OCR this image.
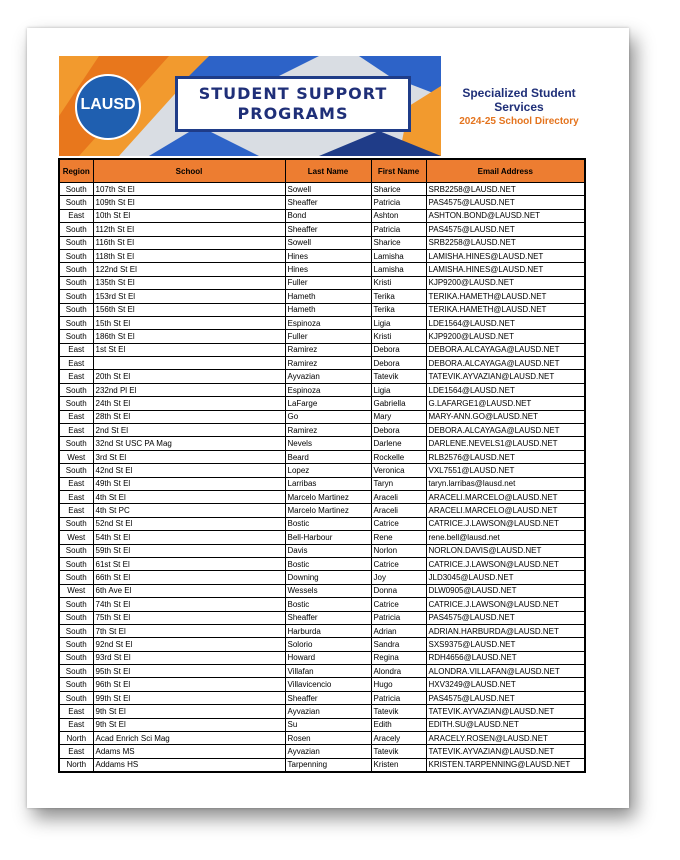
LAUSD
STUDENT SUPPORT
PROGRAMS
Specialized Student Services
2024-25 School Directory
Region	School	Last Name	First Name	Email Address
South	107th St El	Sowell	Sharice	SRB2258@LAUSD.NET
South	109th St El	Sheaffer	Patricia	PAS4575@LAUSD.NET
East	10th St El	Bond	Ashton	ASHTON.BOND@LAUSD.NET
South	112th St El	Sheaffer	Patricia	PAS4575@LAUSD.NET
South	116th St El	Sowell	Sharice	SRB2258@LAUSD.NET
South	118th St El	Hines	Lamisha	LAMISHA.HINES@LAUSD.NET
South	122nd St El	Hines	Lamisha	LAMISHA.HINES@LAUSD.NET
South	135th St El	Fuller	Kristi	KJP9200@LAUSD.NET
South	153rd St El	Hameth	Terika	TERIKA.HAMETH@LAUSD.NET
South	156th St El	Hameth	Terika	TERIKA.HAMETH@LAUSD.NET
South	15th St El	Espinoza	Ligia	LDE1564@LAUSD.NET
South	186th St El	Fuller	Kristi	KJP9200@LAUSD.NET
East	1st St El	Ramirez	Debora	DEBORA.ALCAYAGA@LAUSD.NET
East		Ramirez	Debora	DEBORA.ALCAYAGA@LAUSD.NET
East	20th St El	Ayvazian	Tatevik	TATEVIK.AYVAZIAN@LAUSD.NET
South	232nd Pl El	Espinoza	Ligia	LDE1564@LAUSD.NET
South	24th St El	LaFarge	Gabriella	G.LAFARGE1@LAUSD.NET
East	28th St El	Go	Mary	MARY-ANN.GO@LAUSD.NET
East	2nd St El	Ramirez	Debora	DEBORA.ALCAYAGA@LAUSD.NET
South	32nd St USC PA Mag	Nevels	Darlene	DARLENE.NEVELS1@LAUSD.NET
West	3rd St El	Beard	Rockelle	RLB2576@LAUSD.NET
South	42nd St El	Lopez	Veronica	VXL7551@LAUSD.NET
East	49th St El	Larribas	Taryn	taryn.larribas@lausd.net
East	4th St El	Marcelo Martinez	Araceli	ARACELI.MARCELO@LAUSD.NET
East	4th St PC	Marcelo Martinez	Araceli	ARACELI.MARCELO@LAUSD.NET
South	52nd St El	Bostic	Catrice	CATRICE.J.LAWSON@LAUSD.NET
West	54th St El	Bell-Harbour	Rene	rene.bell@lausd.net
South	59th St El	Davis	Norlon	NORLON.DAVIS@LAUSD.NET
South	61st St El	Bostic	Catrice	CATRICE.J.LAWSON@LAUSD.NET
South	66th St El	Downing	Joy	JLD3045@LAUSD.NET
West	6th Ave El	Wessels	Donna	DLW0905@LAUSD.NET
South	74th St El	Bostic	Catrice	CATRICE.J.LAWSON@LAUSD.NET
South	75th St El	Sheaffer	Patricia	PAS4575@LAUSD.NET
South	7th St El	Harburda	Adrian	ADRIAN.HARBURDA@LAUSD.NET
South	92nd St El	Solorio	Sandra	SXS9375@LAUSD.NET
South	93rd St El	Howard	Regina	RDH4656@LAUSD.NET
South	95th St El	Villafan	Alondra	ALONDRA.VILLAFAN@LAUSD.NET
South	96th St El	Villavicencio	Hugo	HXV3249@LAUSD.NET
South	99th St El	Sheaffer	Patricia	PAS4575@LAUSD.NET
East	9th St El	Ayvazian	Tatevik	TATEVIK.AYVAZIAN@LAUSD.NET
East	9th St El	Su	Edith	EDITH.SU@LAUSD.NET
North	Acad Enrich Sci Mag	Rosen	Aracely	ARACELY.ROSEN@LAUSD.NET
East	Adams MS	Ayvazian	Tatevik	TATEVIK.AYVAZIAN@LAUSD.NET
North	Addams HS	Tarpenning	Kristen	KRISTEN.TARPENNING@LAUSD.NET
